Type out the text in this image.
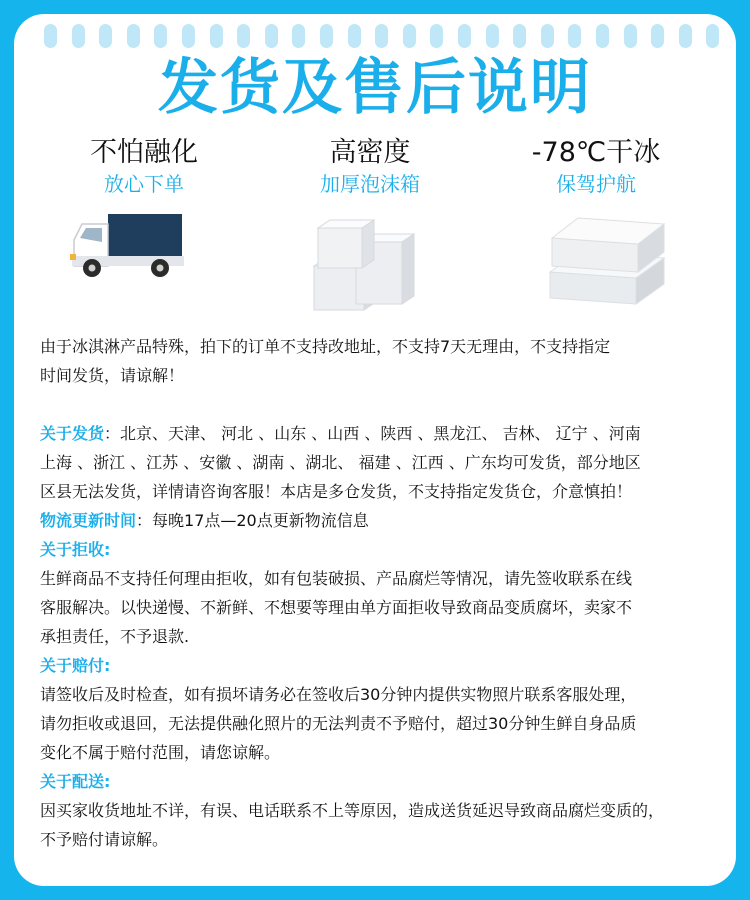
发货及售后说明
不怕融化
放心下单
高密度
加厚泡沫箱
-78℃干冰
保驾护航

由于冰淇淋产品特殊，拍下的订单不支持改地址，不支持7天无理由，不支持指定

时间发货，请谅解！

关于发货：北京、天津、 河北 、山东 、山西 、陕西 、黑龙江、 吉林、 辽宁 、河南

上海 、浙江 、江苏 、安徽 、湖南 、湖北、 福建 、江西 、广东均可发货，部分地区

区县无法发货，详情请咨询客服！本店是多仓发货，不支持指定发货仓，介意慎拍！

物流更新时间：每晚17点—20点更新物流信息

关于拒收:

生鲜商品不支持任何理由拒收，如有包装破损、产品腐烂等情况，请先签收联系在线

客服解决。以快递慢、不新鲜、不想要等理由单方面拒收导致商品变质腐坏，卖家不

承担责任，不予退款.

关于赔付:

请签收后及时检查，如有损坏请务必在签收后30分钟内提供实物照片联系客服处理，

请勿拒收或退回，无法提供融化照片的无法判责不予赔付，超过30分钟生鲜自身品质

变化不属于赔付范围，请您谅解。

关于配送:

因买家收货地址不详，有误、电话联系不上等原因，造成送货延迟导致商品腐烂变质的，

不予赔付请谅解。
